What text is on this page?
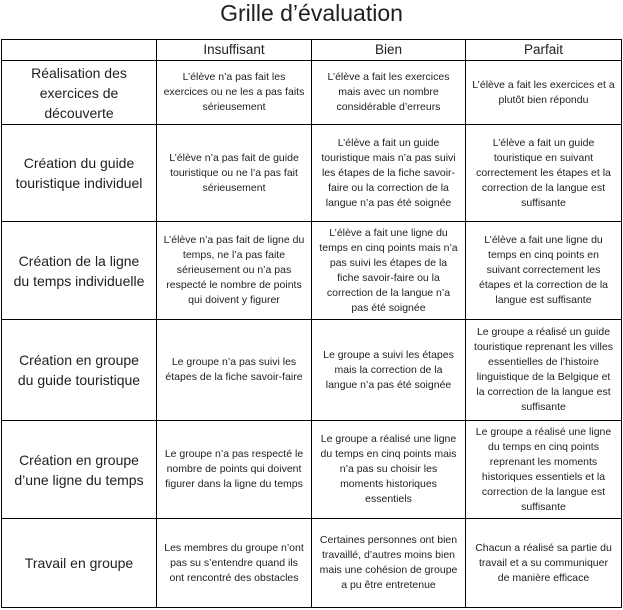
Grille d’évaluation
	Insuffisant	Bien	Parfait
Réalisation des exercices de découverte	L’élève n’a pas fait les exercices ou ne les a pas faits sérieusement	L’élève a fait les exercices mais avec un nombre considérable d’erreurs	L’élève a fait les exercices et a plutôt bien répondu
Création du guide touristique individuel	L’élève n’a pas fait de guide touristique ou ne l’a pas fait sérieusement	L’élève a fait un guide touristique mais n’a pas suivi les étapes de la fiche savoir-faire ou la correction de la langue n’a pas été soignée	L’élève a fait un guide touristique en suivant correctement les étapes et la correction de la langue est suffisante
Création de la ligne du temps individuelle	L’élève n’a pas fait de ligne du temps, ne l’a pas faite sérieusement ou n’a pas respecté le nombre de points qui doivent y figurer	L’élève a fait une ligne du temps en cinq points mais n’a pas suivi les étapes de la fiche savoir-faire ou la correction de la langue n’a pas été soignée	L’élève a fait une ligne du temps en cinq points en suivant correctement les étapes et la correction de la langue est suffisante
Création en groupe du guide touristique	Le groupe n’a pas suivi les étapes de la fiche savoir-faire	Le groupe a suivi les étapes mais la correction de la langue n’a pas été soignée	Le groupe a réalisé un guide touristique reprenant les villes essentielles de l’histoire linguistique de la Belgique et la correction de la langue est suffisante
Création en groupe d’une ligne du temps	Le groupe n’a pas respecté le nombre de points qui doivent figurer dans la ligne du temps	Le groupe a réalisé une ligne du temps en cinq points mais n’a pas su choisir les moments historiques essentiels	Le groupe a réalisé une ligne du temps en cinq points reprenant les moments historiques essentiels et la correction de la langue est suffisante
Travail en groupe	Les membres du groupe n’ont pas su s’entendre quand ils ont rencontré des obstacles	Certaines personnes ont bien travaillé, d’autres moins bien mais une cohésion de groupe a pu être entretenue	Chacun a réalisé sa partie du travail et a su communiquer de manière efficace
